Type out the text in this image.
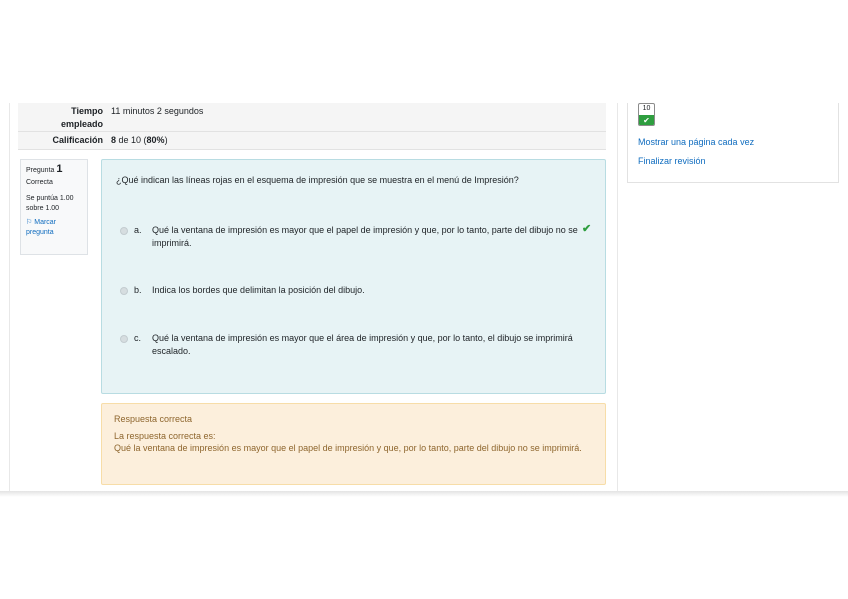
Tiempo
empleado
11 minutos 2 segundos
Calificación 8 de 10 (80%)
Pregunta 1
Correcta
Se puntúa 1.00
sobre 1.00
⚐ Marcar
pregunta
¿Qué indican las líneas rojas en el esquema de impresión que se muestra en el menú de Impresión?
a.	Qué la ventana de impresión es mayor que el papel de impresión y que, por lo tanto, parte del dibujo no se imprimirá.
✔
b.	Indica los bordes que delimitan la posición del dibujo.
c.	Qué la ventana de impresión es mayor que el área de impresión y que, por lo tanto, el dibujo se imprimirá escalado.
Respuesta correcta
La respuesta correcta es:
Qué la ventana de impresión es mayor que el papel de impresión y que, por lo tanto, parte del dibujo no se imprimirá.
10
✔
Mostrar una página cada vez
Finalizar revisión
